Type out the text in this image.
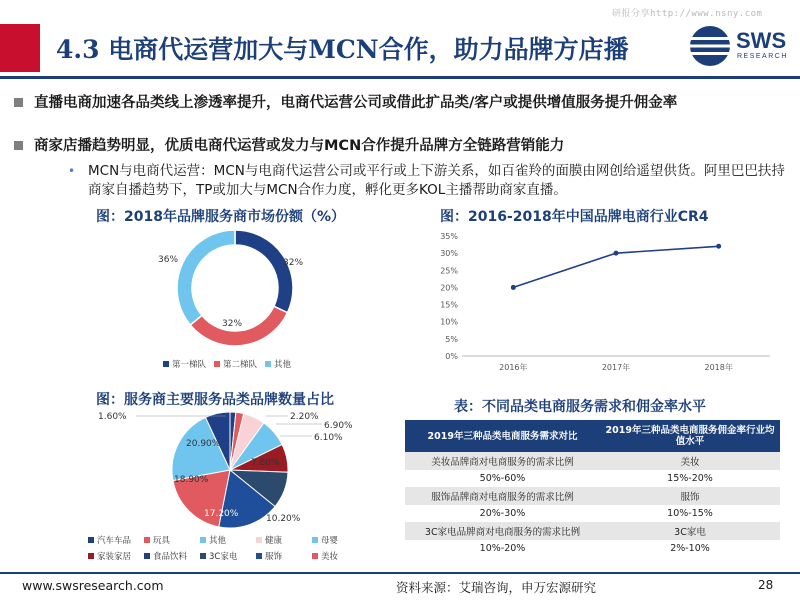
研报分享http://www.nsny.com
4.3 电商代运营加大与MCN合作，助力品牌方店播	SWS
RESEARCH
直播电商加速各品类线上渗透率提升，电商代运营公司或借此扩品类/客户或提供增值服务提升佣金率
商家店播趋势明显，优质电商代运营或发力与MCN合作提升品牌方全链路营销能力
• MCN与电商代运营：MCN与电商代运营公司或平行或上下游关系，如百雀羚的面膜由网创给遥望供货。阿里巴巴扶持商家自播趋势下，TP或加大与MCN合作力度，孵化更多KOL主播帮助商家直播。
图：2018年品牌服务商市场份额（%）
32%
32%
36%
第一梯队 第二梯队 其他
图：2016-2018年中国品牌电商行业CR4
35%
30%
25%
20%
15%
10%
5%
0%
2016年	2017年	2018年
图：服务商主要服务品类品牌数量占比
1.60%	2.20%
6.90%
6.10%
7.80%
10.20%
17.20%
18.90%
20.90%
汽车车品	玩具	其他	健康	母婴
家装家居	食品饮料	3C家电	服饰	美妆
表：不同品类电商服务需求和佣金率水平
2019年三种品类电商服务需求对比	2019年三种品类电商服务佣金率行业均值水平
美妆品牌商对电商服务的需求比例	美妆
50%-60%	15%-20%
服饰品牌商对电商服务的需求比例	服饰
20%-30%	10%-15%
3C家电品牌商对电商服务的需求比例	3C家电
10%-20%	2%-10%
www.swsresearch.com	资料来源：艾瑞咨询，申万宏源研究	28
